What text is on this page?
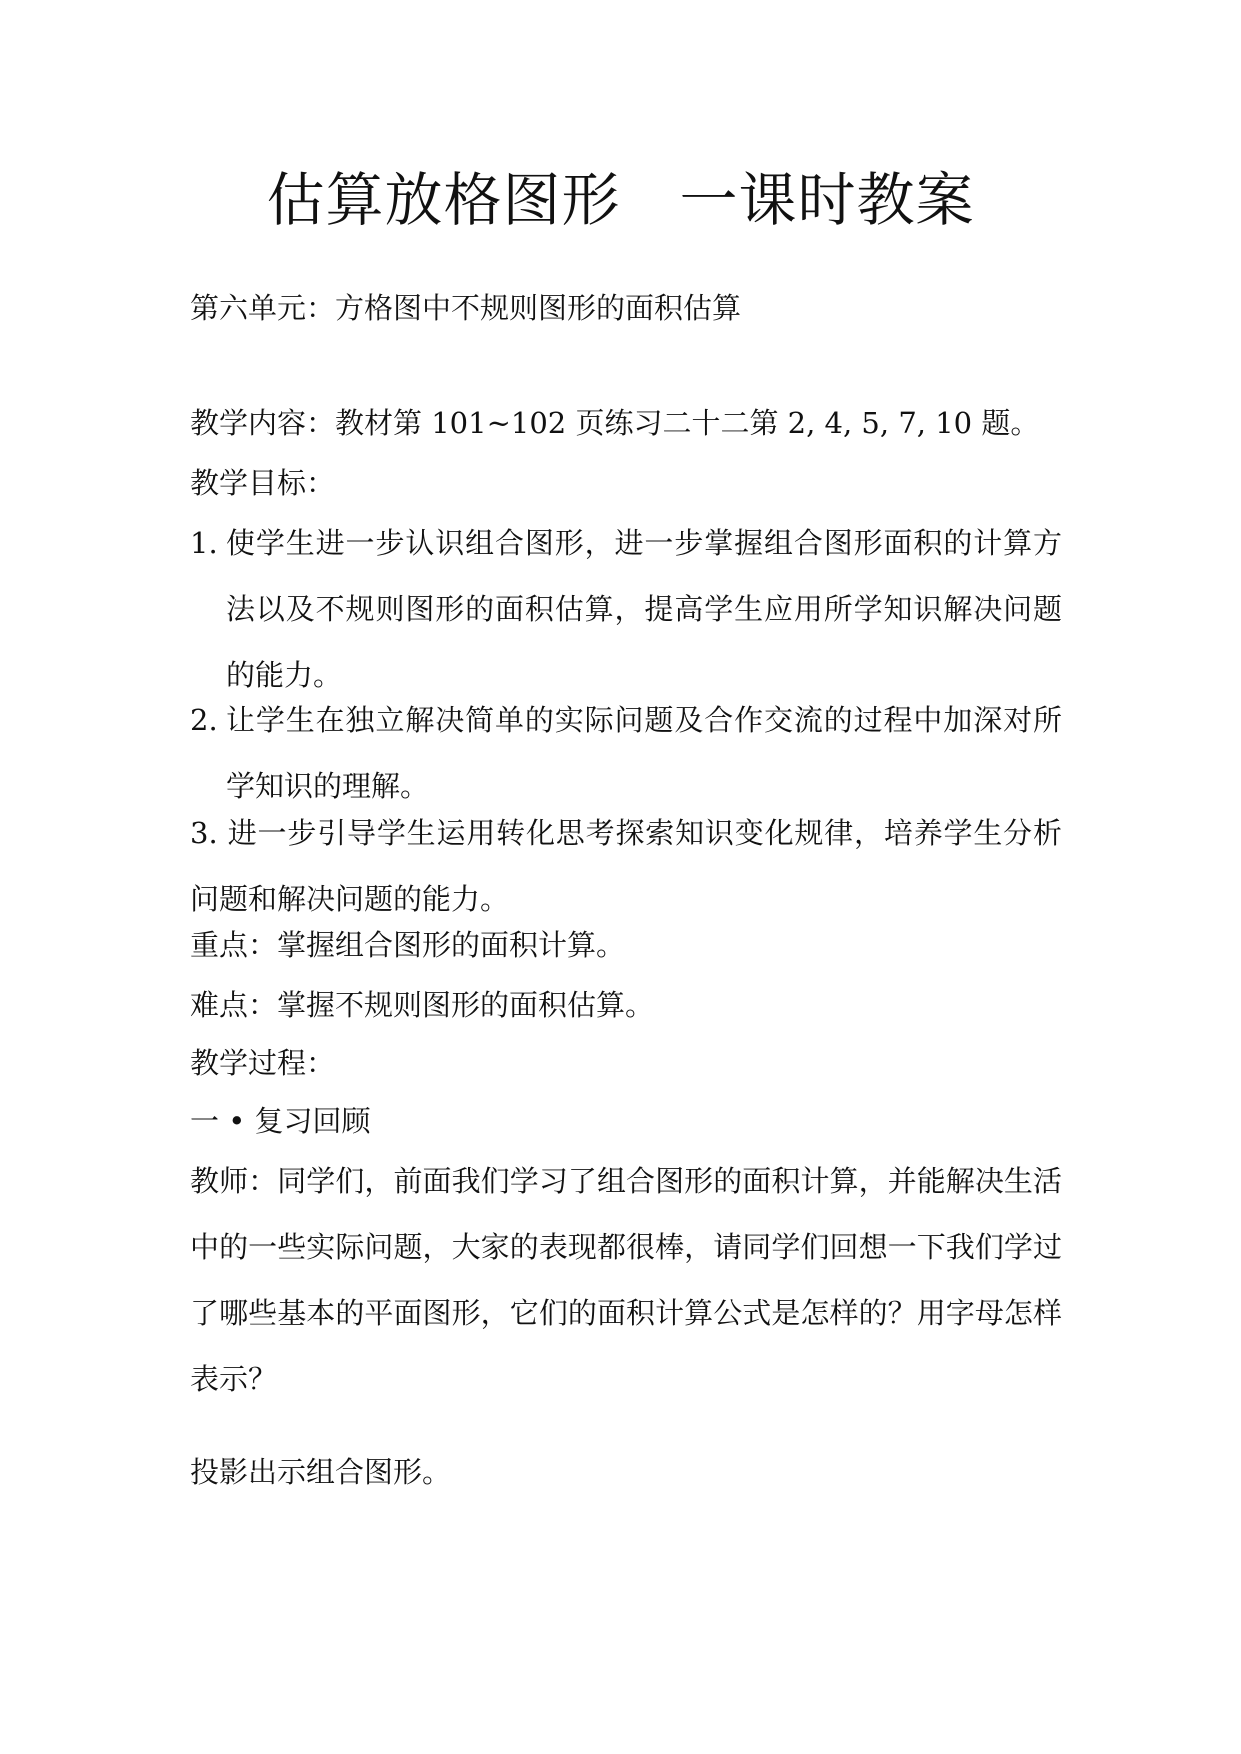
估算放格图形　一课时教案
第六单元：方格图中不规则图形的面积估算
教学内容：教材第 101~102 页练习二十二第 2, 4, 5, 7, 10 题。
教学目标：
1. 使学生进一步认识组合图形，进一步掌握组合图形面积的计算方法以及不规则图形的面积估算，提高学生应用所学知识解决问题的能力。
2. 让学生在独立解决简单的实际问题及合作交流的过程中加深对所学知识的理解。
3. 进一步引导学生运用转化思考探索知识变化规律，培养学生分析问题和解决问题的能力。
重点：掌握组合图形的面积计算。
难点：掌握不规则图形的面积估算。
教学过程：
一 • 复习回顾
教师：同学们，前面我们学习了组合图形的面积计算，并能解决生活中的一些实际问题，大家的表现都很棒，请同学们回想一下我们学过了哪些基本的平面图形，它们的面积计算公式是怎样的？用字母怎样表示？
投影出示组合图形。
